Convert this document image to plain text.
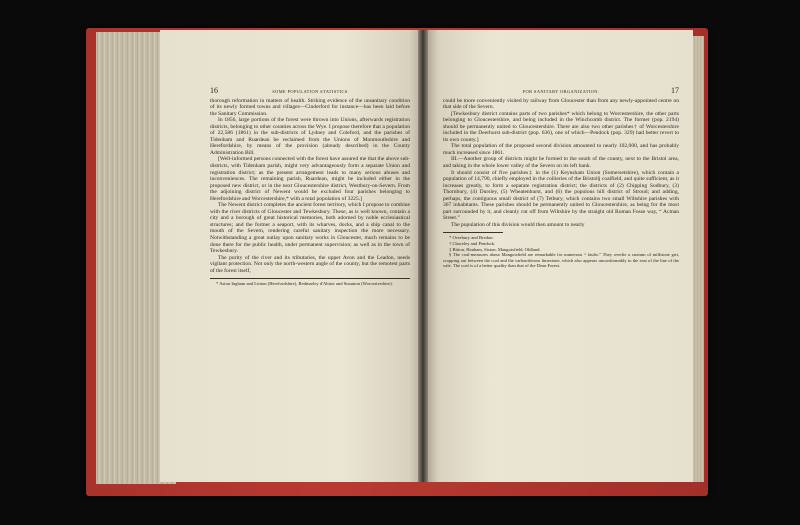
16	SOME POPULATION STATISTICS

thorough reformation in matters of health. Striking evidence of the unsanitary condition of its newly formed towns and villages—Cinderford for instance—has been laid before the Sanitary Commission.

In 1856, large portions of the forest were thrown into Unions, afterwards registration districts, belonging to other counties across the Wye. I propose therefore that a population of 22,586 (1861) in the sub-districts of Lydney and Coleford, and the parishes of Tidenham and Ruardean be reclaimed from the Unions of Monmouthshire and Herefordshire, by means of the provision (already described) in the County Administration Bill.

[Well-informed persons connected with the forest have assured me that the above sub-districts, with Tidenham parish, might very advantageously form a separate Union and registration district; as the present arrangement leads to many serious abuses and inconveniences. The remaining parish, Ruardean, might be included either in the proposed new district, or in the next Gloucestershire district, Westbury-on-Severn. From the adjoining district of Newent would be excluded four parishes belonging to Herefordshire and Worcestershire,* with a total population of 3225.]

The Newent district completes the ancient forest territory, which I propose to combine with the river districts of Gloucester and Tewkesbury. These, as is well known, contain a city and a borough of great historical memories, both adorned by noble ecclesiastical structures; and the former a seaport, with its wharves, docks, and a ship canal to the mouth of the Severn, rendering careful sanitary inspection the more necessary. Notwithstanding a great outlay upon sanitary works in Gloucester, much remains to be done there for the public health, under permanent supervision; as well as in the town of Tewkesbury.

The purity of the river and its tributaries, the upper Avon and the Leadon, needs vigilant protection. Not only the north-western angle of the county, but the remotest parts of the forest itself,

* Aston Ingham and Linton (Herefordshire), Redmarley d'Abitot and Staunton (Worcestershire).

FOR SANITARY ORGANIZATION.	17

could be more conveniently visited by railway from Gloucester than from any newly-appointed centre on that side of the Severn.

[Tewkesbury district contains parts of two parishes* which belong to Worcestershire, the other parts belonging to Gloucestershire, and being included in the Winchcomb district. The former (pop. 2194) should be permanently united to Gloucestershire. There are also two other parishes† of Worcestershire included in the Deerhurst sub-district (pop. 636), one of which—Pendock (pop. 329) had better revert to its own county.]

The total population of the proposed second division amounted to nearly 102,000, and has probably much increased since 1861.

III.—Another group of districts might be formed to the south of the county, next to the Bristol area, and taking in the whole lower valley of the Severn on its left bank.

It should consist of five parishes‡ in the (1) Keynsham Union (Somersetshire), which contain a population of 14,790, chiefly employed in the collieries of the Bristol§ coalfield, and quite sufficient, as it increases greatly, to form a separate registration district; the districts of (2) Chipping Sodbury, (3) Thornbury, (4) Dursley, (5) Wheatenhurst, and (6) the populous hill district of Stroud; and adding, perhaps, the contiguous small district of (7) Tetbury, which contains two small Wiltshire parishes with 367 inhabitants. These parishes should be permanently united to Gloucestershire, as being for the most part surrounded by it, and cleanly cut off from Wiltshire by the straight old Roman Fosse way, “ Acman Street.”

The population of this division would then amount to nearly

* Overbury and Bredon.

† Chaceley and Pendock.

‡ Bitton, Hanham, Siston, Mangotsfield, Oldland.

§ The coal-measures about Mangotsfield are remarkable for numerous “ faults.” They overlie a stratum of millstone grit, cropping out between the coal and the carboniferous limestone, which also appears unconformably to the east of the line of the vale. The coal is of a better quality than that of the Dean Forest.
